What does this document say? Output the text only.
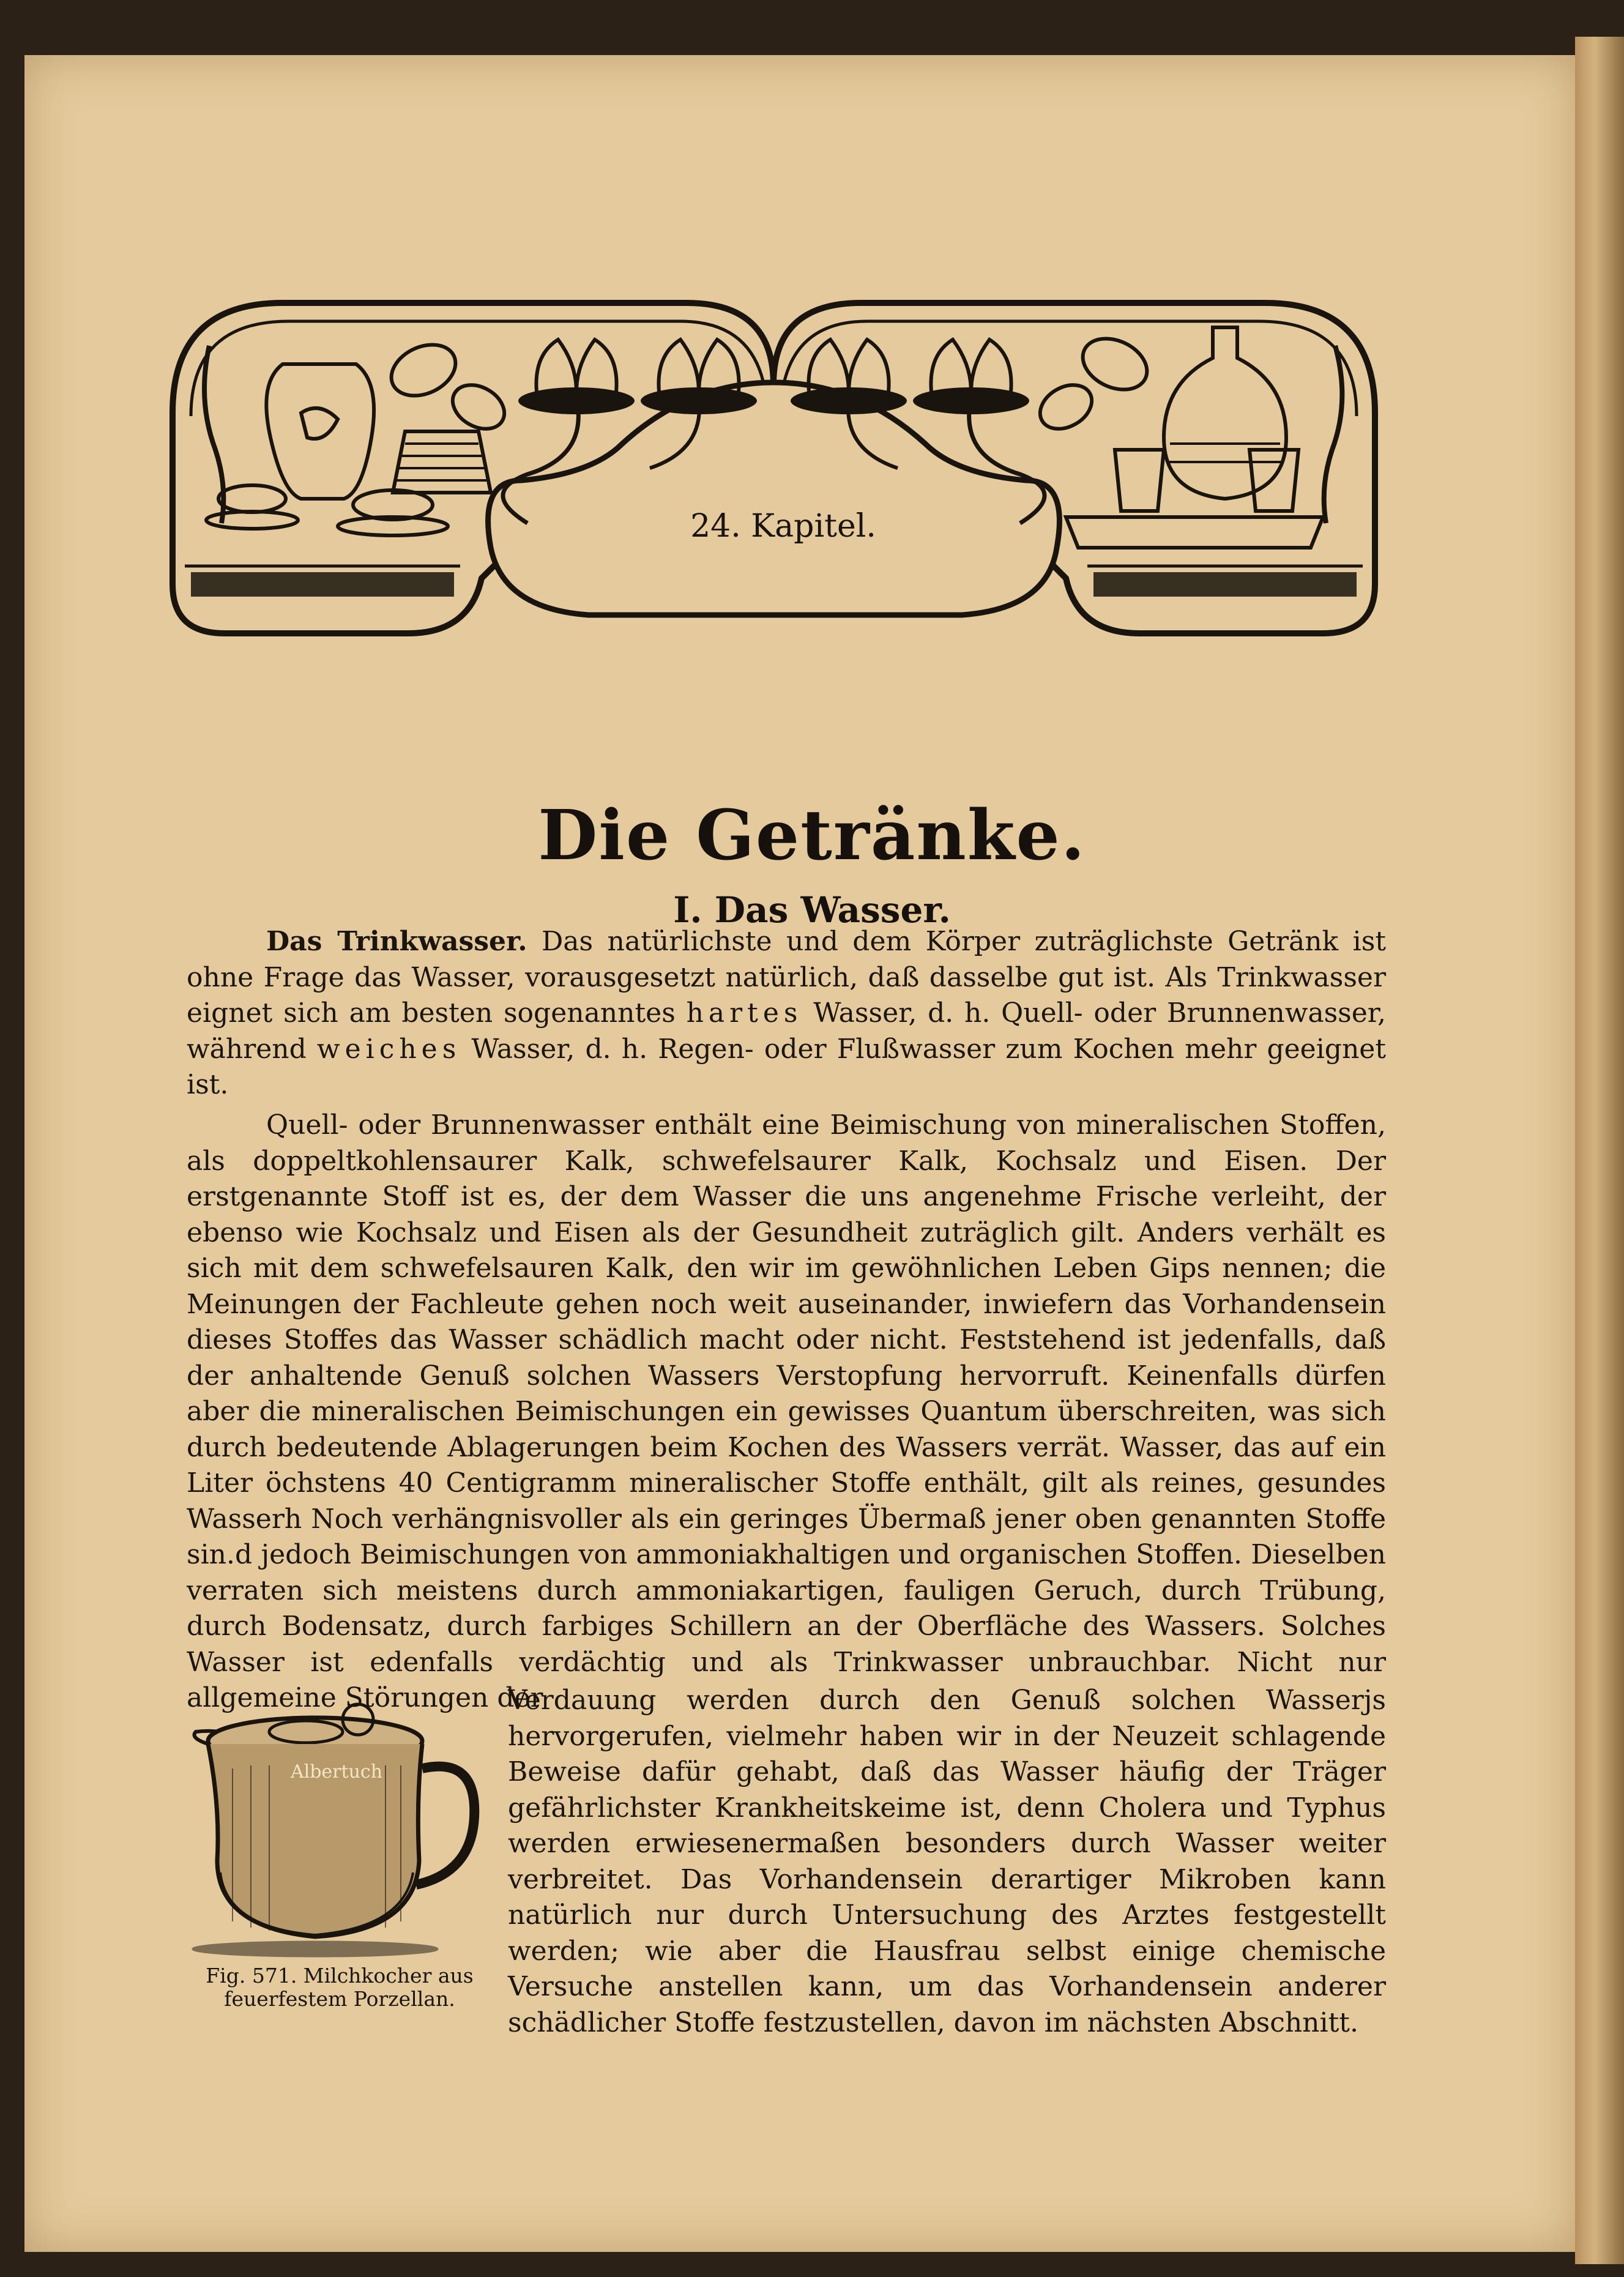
24. Kapitel.
Die Getränke.
I. Das Wasser.

Das Trinkwasser. Das natürlichste und dem Körper zuträglichste Getränk ist ohne Frage das Wasser, vorausgesetzt natürlich, daß dasselbe gut ist. Als Trinkwasser eignet sich am besten sogenanntes hartes Wasser, d. h. Quell- oder Brunnenwasser, während weiches Wasser, d. h. Regen- oder Flußwasser zum Kochen mehr geeignet ist.

Quell- oder Brunnenwasser enthält eine Beimischung von mineralischen Stoffen, als doppeltkohlensaurer Kalk, schwefelsaurer Kalk, Kochsalz und Eisen. Der erstgenannte Stoff ist es, der dem Wasser die uns angenehme Frische verleiht, der ebenso wie Kochsalz und Eisen als der Gesundheit zuträglich gilt. Anders verhält es sich mit dem schwefelsauren Kalk, den wir im gewöhnlichen Leben Gips nennen; die Meinungen der Fachleute gehen noch weit auseinander, inwiefern das Vorhandensein dieses Stoffes das Wasser schädlich macht oder nicht. Feststehend ist jedenfalls, daß der anhaltende Genuß solchen Wassers Verstopfung hervorruft. Keinenfalls dürfen aber die mineralischen Beimischungen ein gewisses Quantum überschreiten, was sich durch bedeutende Ablagerungen beim Kochen des Wassers verrät. Wasser, das auf ein Liter öchstens 40 Centigramm mineralischer Stoffe enthält, gilt als reines, gesundes Wasserh Noch verhängnisvoller als ein geringes Übermaß jener oben genannten Stoffe sin.d jedoch Beimischungen von ammoniakhaltigen und organischen Stoffen. Dieselben verraten sich meistens durch ammoniakartigen, fauligen Geruch, durch Trübung, durch Bodensatz, durch farbiges Schillern an der Oberfläche des Wassers. Solches Wasser ist edenfalls verdächtig und als Trinkwasser unbrauchbar. Nicht nur allgemeine Störungen der

Verdauung werden durch den Genuß solchen Wasserjs hervorgerufen, vielmehr haben wir in der Neuzeit schlagende Beweise dafür gehabt, daß das Wasser häufig der Träger gefährlichster Krankheitskeime ist, denn Cholera und Typhus werden erwiesenermaßen besonders durch Wasser weiter verbreitet. Das Vorhandensein derartiger Mikroben kann natürlich nur durch Untersuchung des Arztes festgestellt werden; wie aber die Hausfrau selbst einige chemische Versuche anstellen kann, um das Vorhandensein anderer schädlicher Stoffe festzustellen, davon im nächsten Abschnitt.

Albertuch
Fig. 571. Milchkocher aus
feuerfestem Porzellan.
